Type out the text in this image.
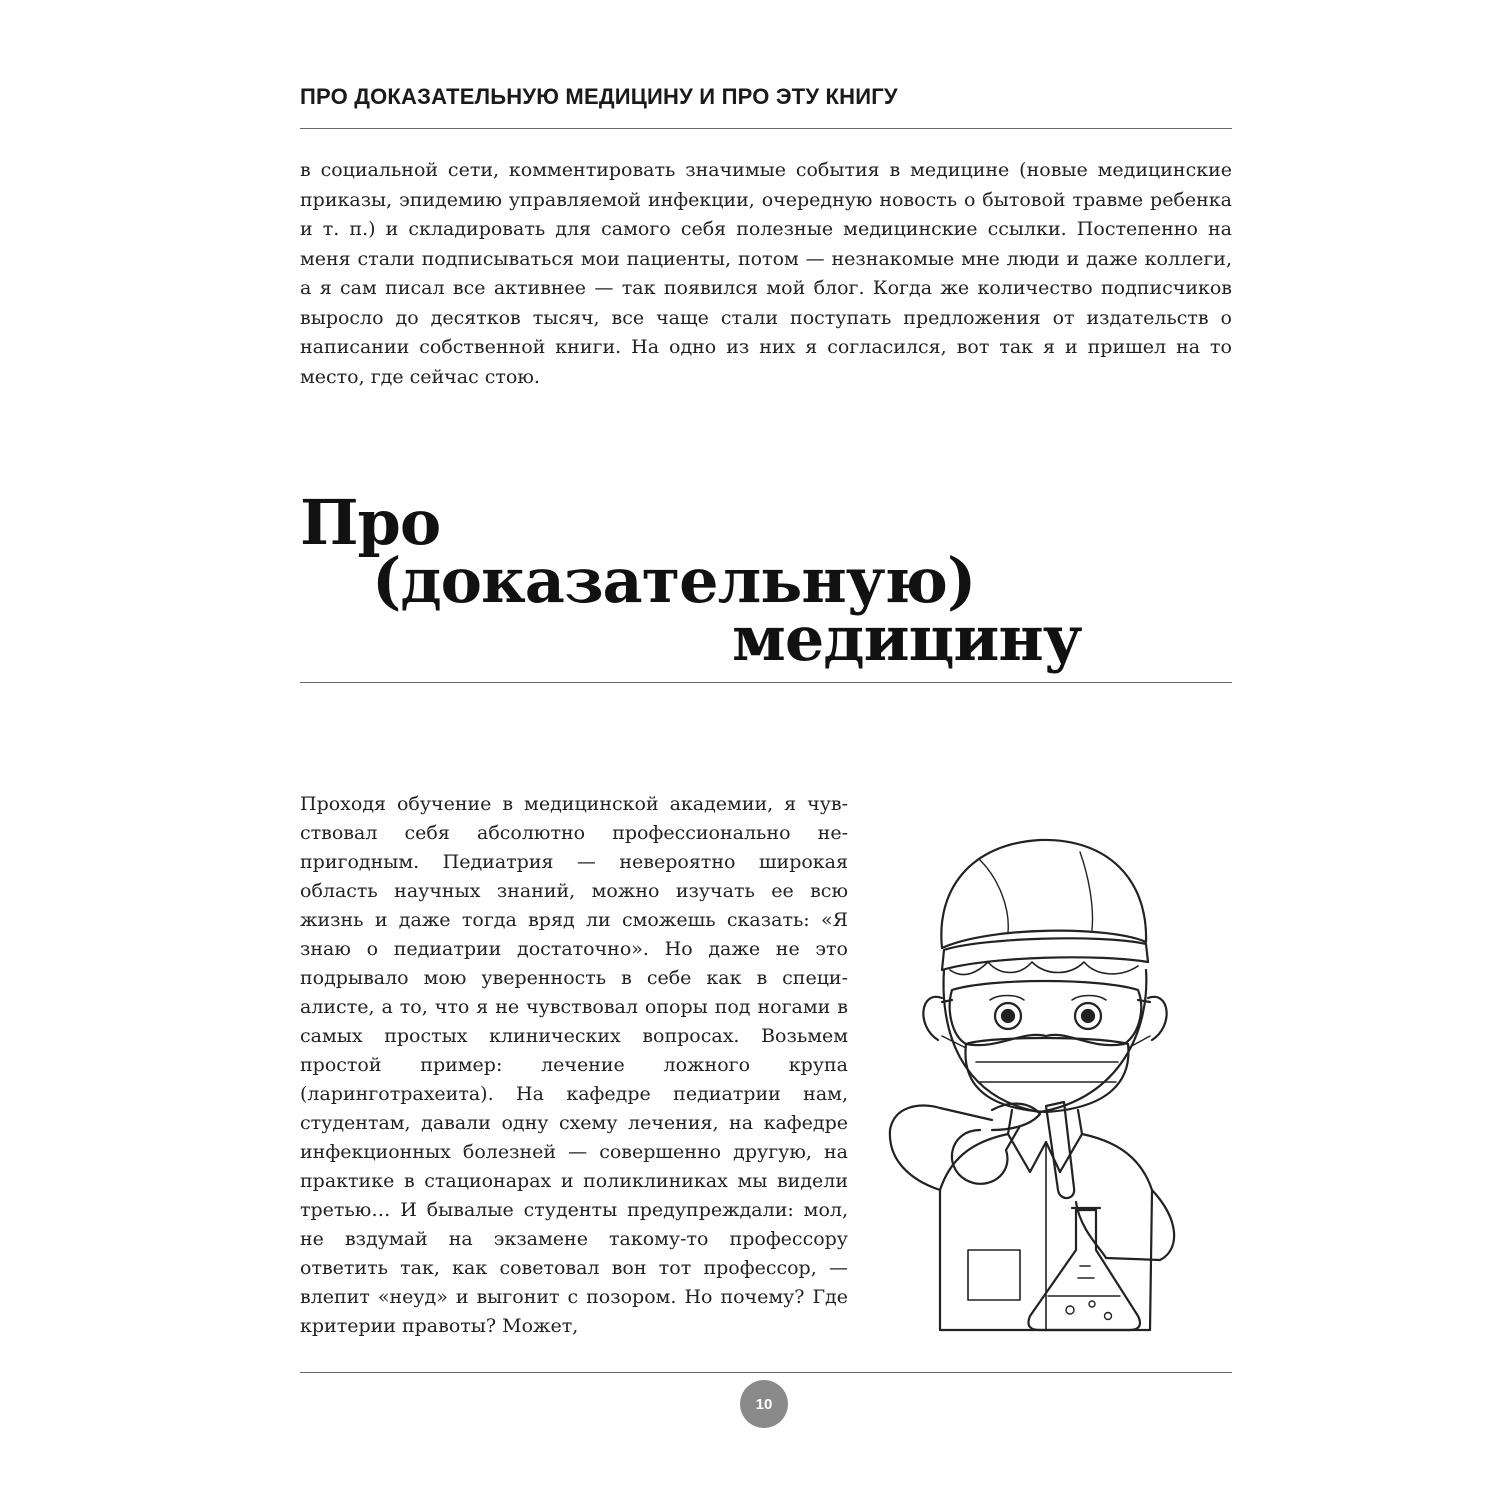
ПРО ДОКАЗАТЕЛЬНУЮ МЕДИЦИНУ И ПРО ЭТУ КНИГУ

в социальной сети, комментировать значимые события в медицине (новые медицинские приказы, эпидемию управляемой инфекции, очередную новость о бытовой травме ребенка и т. п.) и складировать для самого себя полезные медицинские ссылки. Постепенно на меня стали подписываться мои пациенты, потом — незнакомые мне люди и даже коллеги, а я сам писал все активнее — так появился мой блог. Когда же количество подписчиков выросло до десятков тысяч, все чаще стали поступать предложения от издательств о написании собственной книги. На одно из них я согласился, вот так я и пришел на то место, где сейчас стою.

Про
(доказательную)
медицину

Проходя обучение в медицинской академии, я чувствовал себя абсолютно профессионально непригодным. Педиатрия — невероятно широкая область научных знаний, можно изучать ее всю жизнь и даже тогда вряд ли сможешь сказать: «Я знаю о педиатрии достаточно». Но даже не это подрывало мою уверенность в себе как в специалисте, а то, что я не чувствовал опоры под ногами в самых простых клинических вопросах. Возьмем простой пример: лечение ложного крупа (ларинготрахеита). На кафедре педиатрии нам, студентам, давали одну схему лечения, на кафедре инфекционных болезней — совершенно другую, на практике в стационарах и поликлиниках мы видели третью… И бывалые студенты предупреждали: мол, не вздумай на экзамене такому-то профессору ответить так, как советовал вон тот профессор, — влепит «неуд» и выгонит с позором. Но почему? Где критерии правоты? Может,

10
